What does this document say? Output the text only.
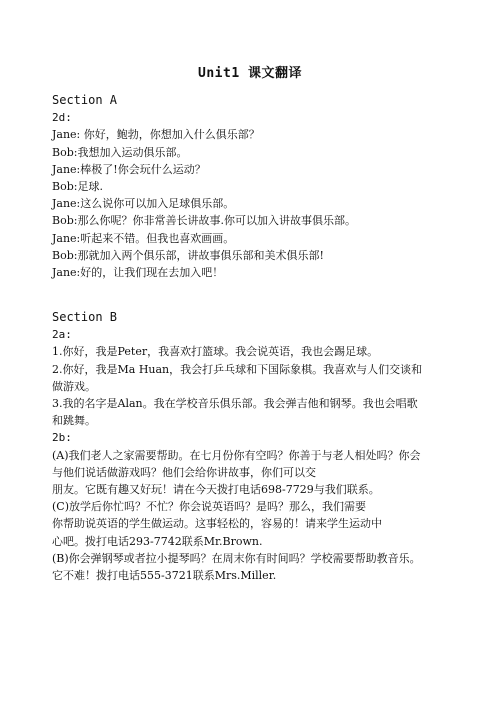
Unit1 课文翻译
Section A
2d:
Jane: 你好，鲍勃，你想加入什么俱乐部？
Bob:我想加入运动俱乐部。
Jane:棒极了!你会玩什么运动？
Bob:足球.
Jane:这么说你可以加入足球俱乐部。
Bob:那么你呢？你非常善长讲故事.你可以加入讲故事俱乐部。
Jane:听起来不错。但我也喜欢画画。
Bob:那就加入两个俱乐部，讲故事俱乐部和美术俱乐部!
Jane:好的，让我们现在去加入吧！
Section B
2a:
1.你好，我是Peter，我喜欢打篮球。我会说英语，我也会踢足球。
2.你好，我是Ma Huan，我会打乒乓球和下国际象棋。我喜欢与人们交谈和
做游戏。
3.我的名字是Alan。我在学校音乐俱乐部。我会弹吉他和钢琴。我也会唱歌
和跳舞。
2b:
(A)我们老人之家需要帮助。在七月份你有空吗？你善于与老人相处吗？你会
与他们说话做游戏吗？他们会给你讲故事，你们可以交
朋友。它既有趣又好玩！请在今天拨打电话698-7729与我们联系。
(C)放学后你忙吗？不忙？你会说英语吗？是吗？那么，我们需要
你帮助说英语的学生做运动。这事轻松的，容易的！请来学生运动中
心吧。拨打电话293-7742联系Mr.Brown.
(B)你会弹钢琴或者拉小提琴吗？在周末你有时间吗？学校需要帮助教音乐。
它不难！拨打电话555-3721联系Mrs.Miller.
